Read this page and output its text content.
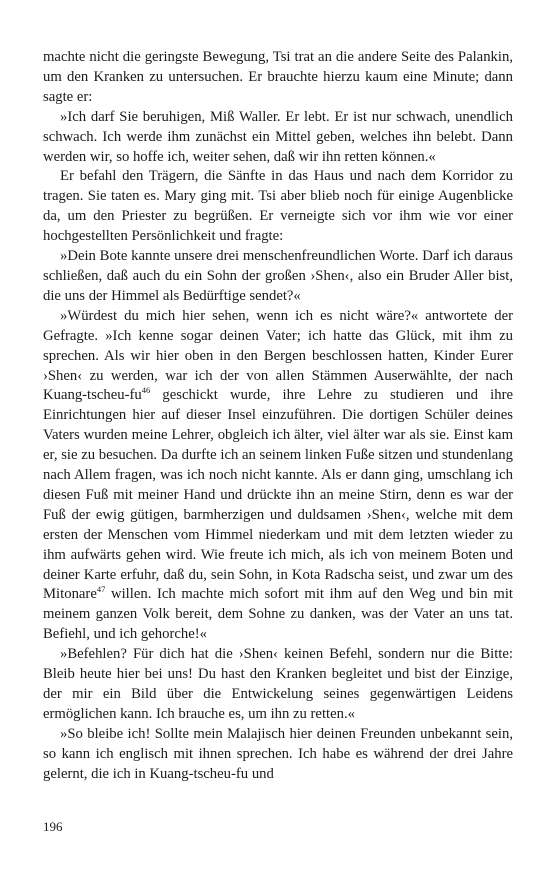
machte nicht die geringste Bewegung, Tsi trat an die andere Seite des Palankin, um den Kranken zu untersuchen. Er brauchte hierzu kaum eine Minute; dann sagte er:

»Ich darf Sie beruhigen, Miß Waller. Er lebt. Er ist nur schwach, unendlich schwach. Ich werde ihm zunächst ein Mittel geben, welches ihn belebt. Dann werden wir, so hoffe ich, weiter sehen, daß wir ihn retten können.«

Er befahl den Trägern, die Sänfte in das Haus und nach dem Korridor zu tragen. Sie taten es. Mary ging mit. Tsi aber blieb noch für einige Augenblicke da, um den Priester zu begrüßen. Er verneigte sich vor ihm wie vor einer hochgestellten Persönlichkeit und fragte:

»Dein Bote kannte unsere drei menschenfreundlichen Worte. Darf ich daraus schließen, daß auch du ein Sohn der großen ›Shen‹, also ein Bruder Aller bist, die uns der Himmel als Bedürftige sendet?«

»Würdest du mich hier sehen, wenn ich es nicht wäre?« antwortete der Gefragte. »Ich kenne sogar deinen Vater; ich hatte das Glück, mit ihm zu sprechen. Als wir hier oben in den Bergen beschlossen hatten, Kinder Eurer ›Shen‹ zu werden, war ich der von allen Stämmen Auserwählte, der nach Kuang-$tscheu-fu^{46}$ geschickt wurde, ihre Lehre zu studieren und ihre Einrichtungen hier auf dieser Insel einzuführen. Die dortigen Schüler deines Vaters wurden meine Lehrer, obgleich ich älter, viel älter war als sie. Einst kam er, sie zu besuchen. Da durfte ich an seinem linken Fuße sitzen und stundenlang nach Allem fragen, was ich noch nicht kannte. Als er dann ging, umschlang ich diesen Fuß mit meiner Hand und drückte ihn an meine Stirn, denn es war der Fuß der ewig gütigen, barmherzigen und duldsamen ›Shen‹, welche mit dem ersten der Menschen vom Himmel niederkam und mit dem letzten wieder zu ihm aufwärts gehen wird. Wie freute ich mich, als ich von meinem Boten und deiner Karte erfuhr, daß du, sein Sohn, in Kota Radscha seist, und zwar um des Mitonare$^{47}$ willen. Ich machte mich sofort mit ihm auf den Weg und bin mit meinem ganzen Volk bereit, dem Sohne zu danken, was der Vater an uns tat. Befiehl, und ich gehorche!«

»Befehlen? Für dich hat die ›Shen‹ keinen Befehl, sondern nur die Bitte: Bleib heute hier bei uns! Du hast den Kranken begleitet und bist der Einzige, der mir ein Bild über die Entwickelung seines gegenwärtigen Leidens ermöglichen kann. Ich brauche es, um ihn zu retten.«

»So bleibe ich! Sollte mein Malajisch hier deinen Freunden unbekannt sein, so kann ich englisch mit ihnen sprechen. Ich habe es während der drei Jahre gelernt, die ich in Kuang-tscheu-fu und

196
